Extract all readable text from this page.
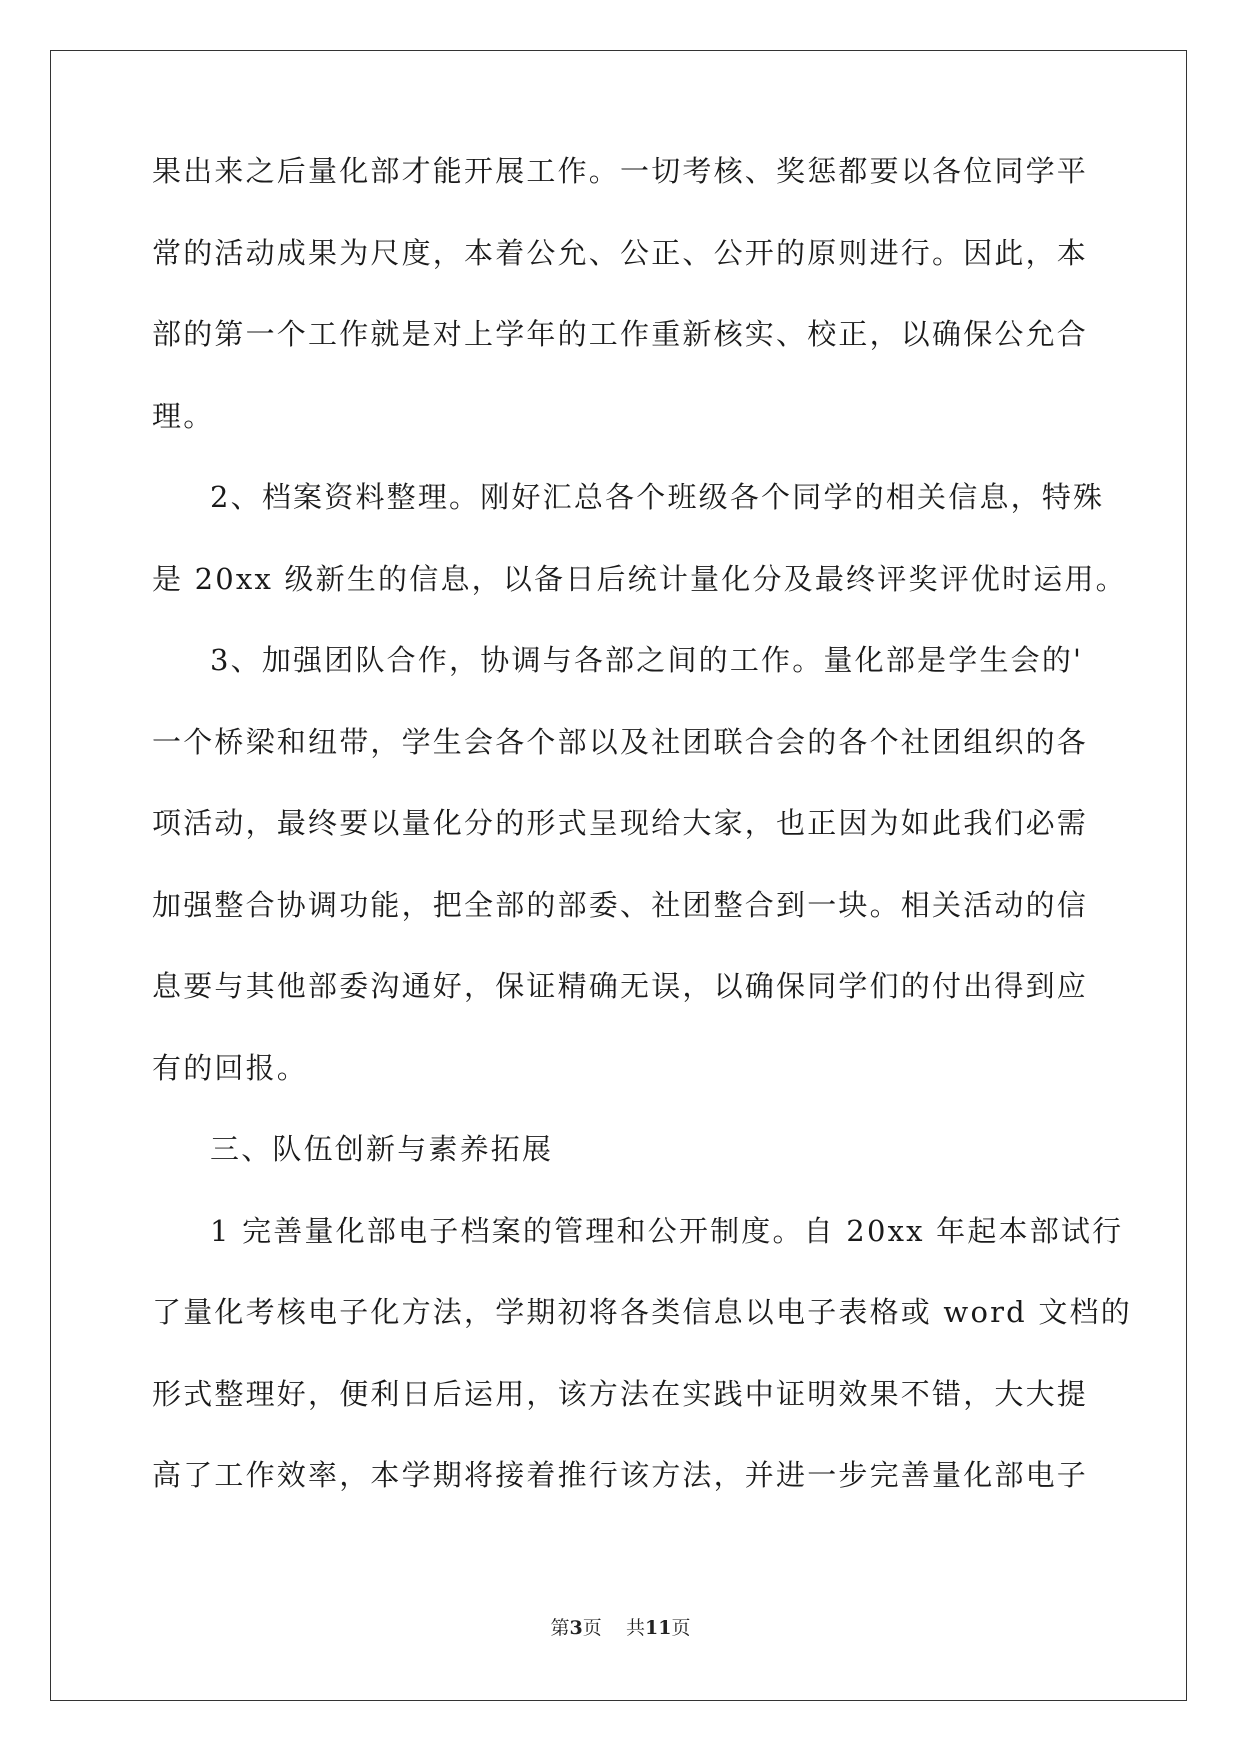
果出来之后量化部才能开展工作。一切考核、奖惩都要以各位同学平
常的活动成果为尺度，本着公允、公正、公开的原则进行。因此，本
部的第一个工作就是对上学年的工作重新核实、校正，以确保公允合
理。
2、档案资料整理。刚好汇总各个班级各个同学的相关信息，特殊
是 20xx 级新生的信息，以备日后统计量化分及最终评奖评优时运用。
3、加强团队合作，协调与各部之间的工作。量化部是学生会的'
一个桥梁和纽带，学生会各个部以及社团联合会的各个社团组织的各
项活动，最终要以量化分的形式呈现给大家，也正因为如此我们必需
加强整合协调功能，把全部的部委、社团整合到一块。相关活动的信
息要与其他部委沟通好，保证精确无误，以确保同学们的付出得到应
有的回报。
三、队伍创新与素养拓展
1 完善量化部电子档案的管理和公开制度。自 20xx 年起本部试行
了量化考核电子化方法，学期初将各类信息以电子表格或 word 文档的
形式整理好，便利日后运用，该方法在实践中证明效果不错，大大提
高了工作效率，本学期将接着推行该方法，并进一步完善量化部电子
第3页 共11页
